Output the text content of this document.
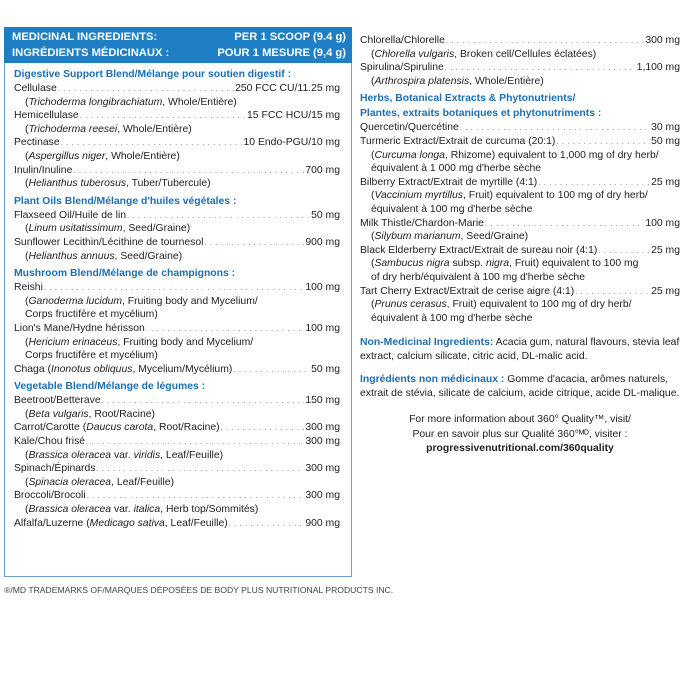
MEDICINAL INGREDIENTS:	PER 1 SCOOP (9.4 g)
INGRÉDIENTS MÉDICINAUX :	POUR 1 MESURE (9,4 g)
Digestive Support Blend/Mélange pour soutien digestif :
Cellulase . . .	250 FCC CU/11.25 mg
(Trichoderma longibrachiatum, Whole/Entière)
Hemicellulase . . .	15 FCC HCU/15 mg
(Trichoderma reesei, Whole/Entière)
Pectinase . . .	10 Endo-PGU/10 mg
(Aspergillus niger, Whole/Entière)
Inulin/Inuline . . .	700 mg
(Helianthus tuberosus, Tuber/Tubercule)
Plant Oils Blend/Mélange d'huiles végétales :
Flaxseed Oil/Huile de lin . . .	50 mg
(Linum usitatissimum, Seed/Graine)
Sunflower Lecithin/Lécithine de tournesol . . .	900 mg
(Helianthus annuus, Seed/Graine)
Mushroom Blend/Mélange de champignons :
Reishi . . .	100 mg
(Ganoderma lucidum, Fruiting body and Mycelium/
Corps fructifère et mycélium)
Lion's Mane/Hydne hérisson . . .	100 mg
(Hericium erinaceus, Fruiting body and Mycelium/
Corps fructifère et mycélium)
Chaga (Inonotus obliquus, Mycelium/Mycélium) . . .	50 mg
Vegetable Blend/Mélange de légumes :
Beetroot/Betterave . . .	150 mg
(Beta vulgaris, Root/Racine)
Carrot/Carotte (Daucus carota, Root/Racine) . . .	300 mg
Kale/Chou frisé . . .	300 mg
(Brassica oleracea var. viridis, Leaf/Feuille)
Spinach/Épinards . . .	300 mg
(Spinacia oleracea, Leaf/Feuille)
Broccoli/Brocoli . . .	300 mg
(Brassica oleracea var. italica, Herb top/Sommités)
Alfalfa/Luzerne (Medicago sativa, Leaf/Feuille) . . .	900 mg
Chlorella/Chlorelle . . .	300 mg
(Chlorella vulgaris, Broken cell/Cellules éclatées)
Spirulina/Spiruline . . .	1,100 mg
(Arthrospira platensis, Whole/Entière)
Herbs, Botanical Extracts & Phytonutrients/
Plantes, extraits botaniques et phytonutriments :
Quercetin/Quercétine . . .	30 mg
Turmeric Extract/Extrait de curcuma (20:1) . . .	50 mg
(Curcuma longa, Rhizome) equivalent to 1,000 mg of dry herb/
équivalent à 1 000 mg d'herbe sèche
Bilberry Extract/Extrait de myrtille (4:1) . . .	25 mg
(Vaccinium myrtillus, Fruit) equivalent to 100 mg of dry herb/
équivalent à 100 mg d'herbe sèche
Milk Thistle/Chardon-Marie . . .	100 mg
(Silybum marianum, Seed/Graine)
Black Elderberry Extract/Extrait de sureau noir (4:1) . . .	25 mg
(Sambucus nigra subsp. nigra, Fruit) equivalent to 100 mg
of dry herb/équivalent à 100 mg d'herbe sèche
Tart Cherry Extract/Extrait de cerise aigre (4:1) . . .	25 mg
(Prunus cerasus, Fruit) equivalent to 100 mg of dry herb/
équivalent à 100 mg d'herbe sèche
Non-Medicinal Ingredients: Acacia gum, natural flavours, stevia leaf extract, calcium silicate, citric acid, DL-malic acid.
Ingrédients non médicinaux : Gomme d'acacia, arômes naturels, extrait de stévia, silicate de calcium, acide citrique, acide DL-malique.
For more information about 360° Quality™, visit/
Pour en savoir plus sur Qualité 360°ᴹᴰ, visiter :
progressivenutritional.com/360quality
®/MD TRADEMARKS OF/MARQUES DÉPOSÉES DE BODY PLUS NUTRITIONAL PRODUCTS INC.
